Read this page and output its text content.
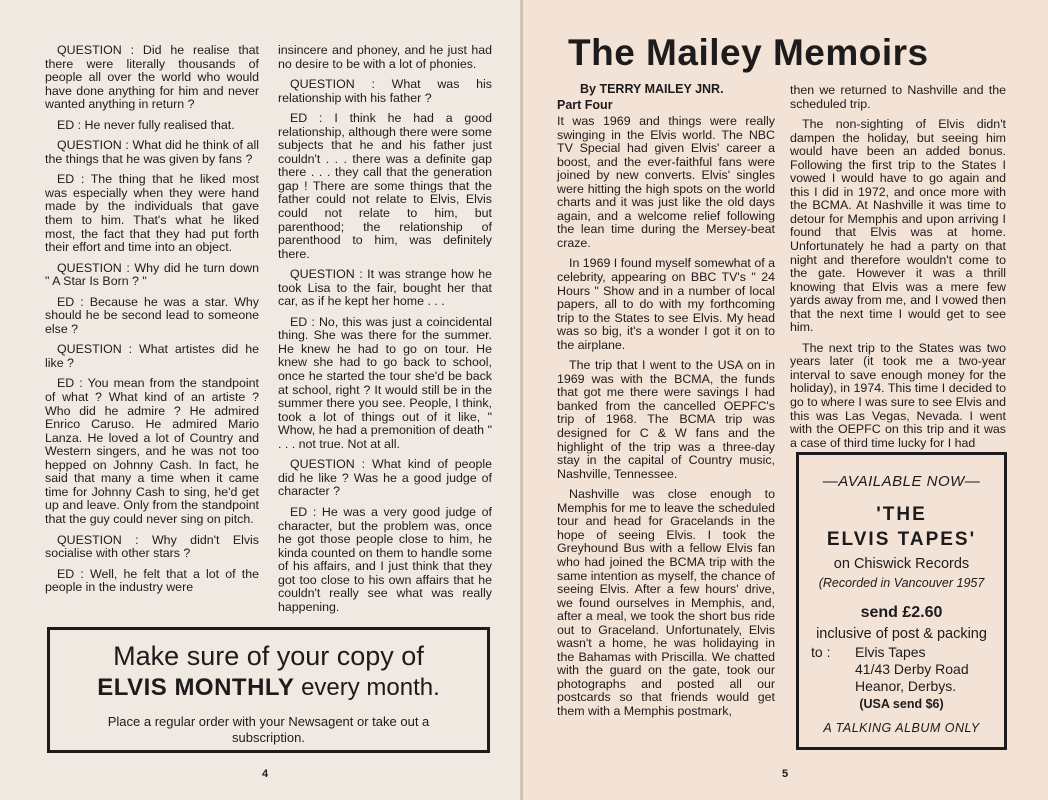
QUESTION : Did he realise that there were literally thousands of people all over the world who would have done anything for him and never wanted anything in return ?

ED : He never fully realised that.

QUESTION : What did he think of all the things that he was given by fans ?

ED : The thing that he liked most was especially when they were hand made by the individuals that gave them to him. That's what he liked most, the fact that they had put forth their effort and time into an object.

QUESTION : Why did he turn down " A Star Is Born ? "

ED : Because he was a star. Why should he be second lead to someone else ?

QUESTION : What artistes did he like ?

ED : You mean from the standpoint of what ? What kind of an artiste ? Who did he admire ? He admired Enrico Caruso. He admired Mario Lanza. He loved a lot of Country and Western singers, and he was not too hepped on Johnny Cash. In fact, he said that many a time when it came time for Johnny Cash to sing, he'd get up and leave. Only from the standpoint that the guy could never sing on pitch.

QUESTION : Why didn't Elvis socialise with other stars ?

ED : Well, he felt that a lot of the people in the industry were

insincere and phoney, and he just had no desire to be with a lot of phonies.

QUESTION : What was his relationship with his father ?

ED : I think he had a good relationship, although there were some subjects that he and his father just couldn't . . . there was a definite gap there . . . they call that the generation gap ! There are some things that the father could not relate to Elvis, Elvis could not relate to him, but parenthood; the relationship of parenthood to him, was definitely there.

QUESTION : It was strange how he took Lisa to the fair, bought her that car, as if he kept her home . . .

ED : No, this was just a coincidental thing. She was there for the summer. He knew he had to go on tour. He knew she had to go back to school, once he started the tour she'd be back at school, right ? It would still be in the summer there you see. People, I think, took a lot of things out of it like, " Whow, he had a premonition of death " . . . not true. Not at all.

QUESTION : What kind of people did he like ? Was he a good judge of character ?

ED : He was a very good judge of character, but the problem was, once he got those people close to him, he kinda counted on them to handle some of his affairs, and I just think that they got too close to his own affairs that he couldn't really see what was really happening.

Make sure of your copy of
ELVIS MONTHLY every month.
Place a regular order with your Newsagent or take out a subscription.
4
The Mailey Memoirs
By TERRY MAILEY JNR.
Part Four

It was 1969 and things were really swinging in the Elvis world. The NBC TV Special had given Elvis' career a boost, and the ever-faithful fans were joined by new converts. Elvis' singles were hitting the high spots on the world charts and it was just like the old days again, and a welcome relief following the lean time during the Mersey-beat craze.

In 1969 I found myself somewhat of a celebrity, appearing on BBC TV's " 24 Hours " Show and in a number of local papers, all to do with my forthcoming trip to the States to see Elvis. My head was so big, it's a wonder I got it on to the airplane.

The trip that I went to the USA on in 1969 was with the BCMA, the funds that got me there were savings I had banked from the cancelled OEPFC's trip of 1968. The BCMA trip was designed for C & W fans and the highlight of the trip was a three-day stay in the capital of Country music, Nashville, Tennessee.

Nashville was close enough to Memphis for me to leave the scheduled tour and head for Gracelands in the hope of seeing Elvis. I took the Greyhound Bus with a fellow Elvis fan who had joined the BCMA trip with the same intention as myself, the chance of seeing Elvis. After a few hours' drive, we found ourselves in Memphis, and, after a meal, we took the short bus ride out to Graceland. Unfortunately, Elvis wasn't a home, he was holidaying in the Bahamas with Priscilla. We chatted with the guard on the gate, took our photographs and posted all our postcards so that friends would get them with a Memphis postmark,

then we returned to Nashville and the scheduled trip.

The non-sighting of Elvis didn't dampen the holiday, but seeing him would have been an added bonus. Following the first trip to the States I vowed I would have to go again and this I did in 1972, and once more with the BCMA. At Nashville it was time to detour for Memphis and upon arriving I found that Elvis was at home. Unfortunately he had a party on that night and therefore wouldn't come to the gate. However it was a thrill knowing that Elvis was a mere few yards away from me, and I vowed then that the next time I would get to see him.

The next trip to the States was two years later (it took me a two-year interval to save enough money for the holiday), in 1974. This time I decided to go to where I was sure to see Elvis and this was Las Vegas, Nevada. I went with the OEPFC on this trip and it was a case of third time lucky for I had

—AVAILABLE NOW—
'THE
ELVIS TAPES'
on Chiswick Records
(Recorded in Vancouver 1957
send £2.60
inclusive of post & packing
to :	Elvis Tapes
41/43 Derby Road
Heanor, Derbys.
(USA send $6)
A TALKING ALBUM ONLY
5
